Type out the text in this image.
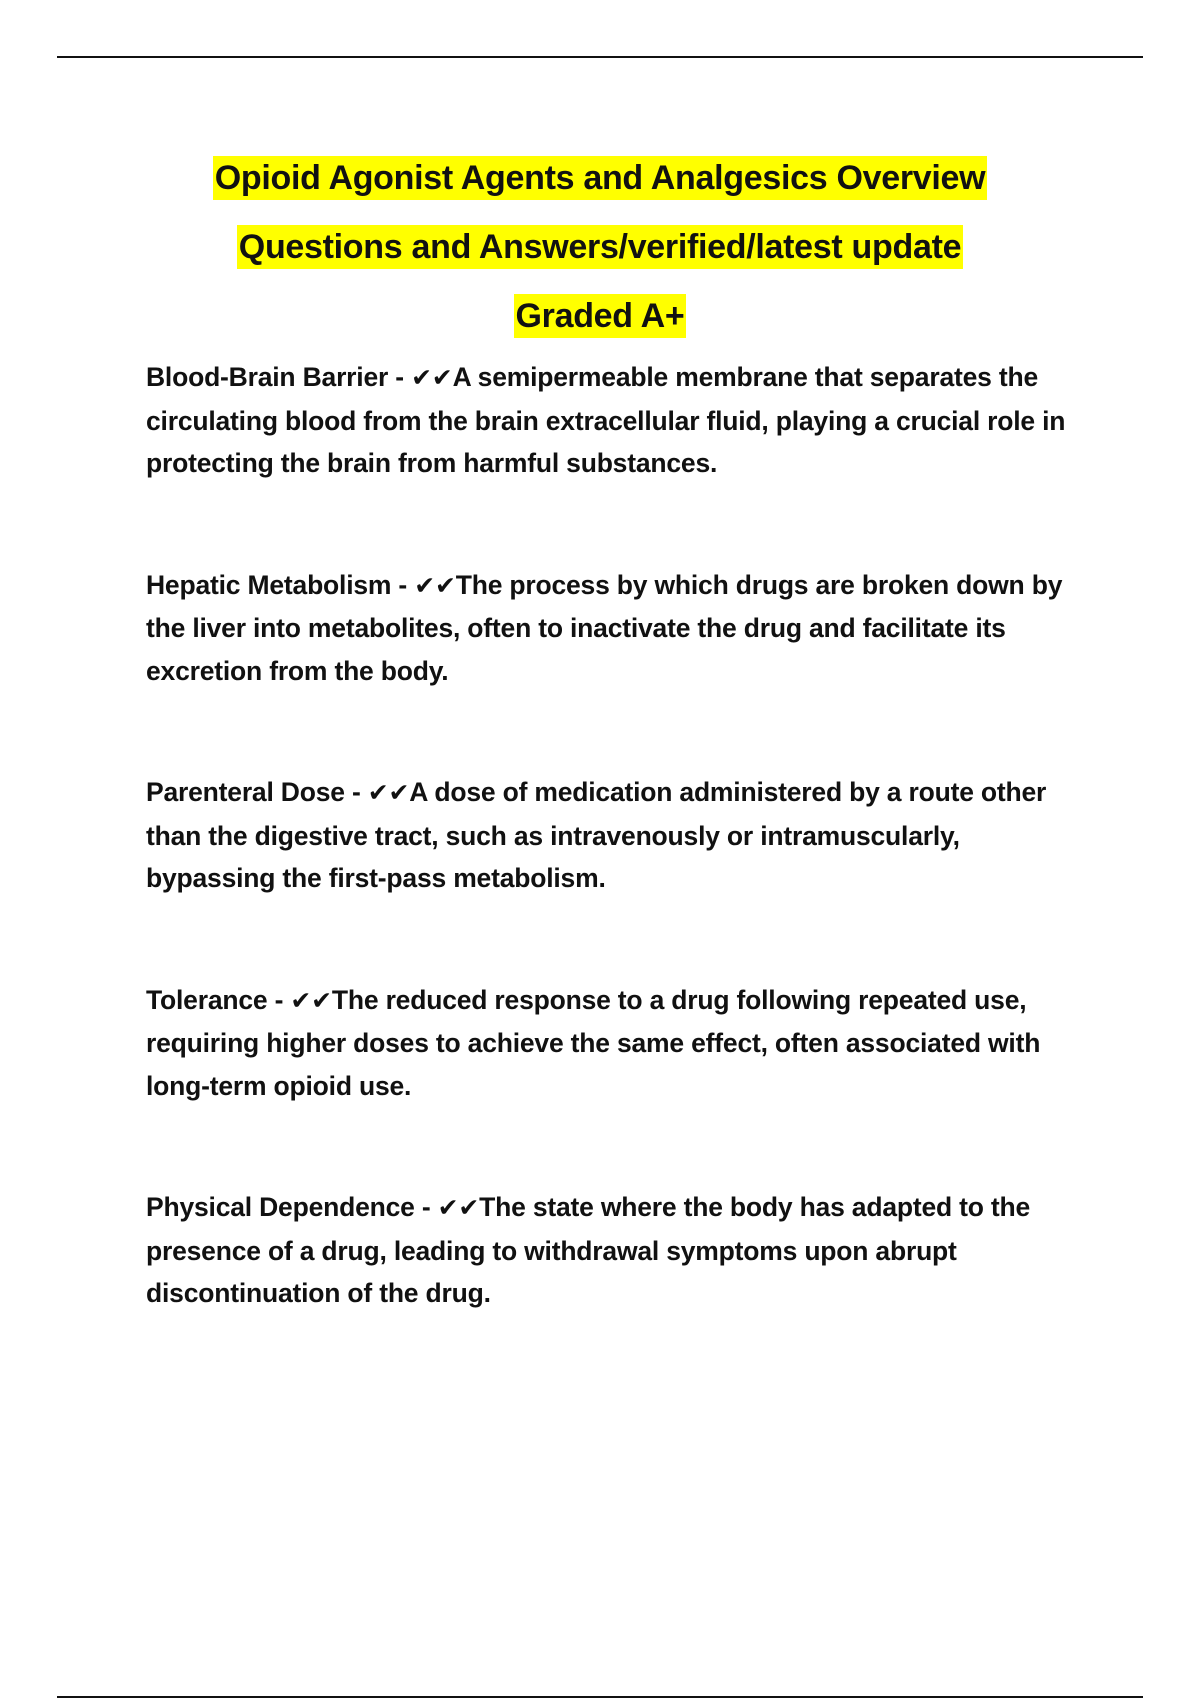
Opioid Agonist Agents and Analgesics Overview
Questions and Answers/verified/latest update
Graded A+
Blood-Brain Barrier - ✔✔A semipermeable membrane that separates the circulating blood from the brain extracellular fluid, playing a crucial role in protecting the brain from harmful substances.
Hepatic Metabolism - ✔✔The process by which drugs are broken down by the liver into metabolites, often to inactivate the drug and facilitate its excretion from the body.
Parenteral Dose - ✔✔A dose of medication administered by a route other than the digestive tract, such as intravenously or intramuscularly, bypassing the first-pass metabolism.
Tolerance - ✔✔The reduced response to a drug following repeated use, requiring higher doses to achieve the same effect, often associated with long-term opioid use.
Physical Dependence - ✔✔The state where the body has adapted to the presence of a drug, leading to withdrawal symptoms upon abrupt discontinuation of the drug.
